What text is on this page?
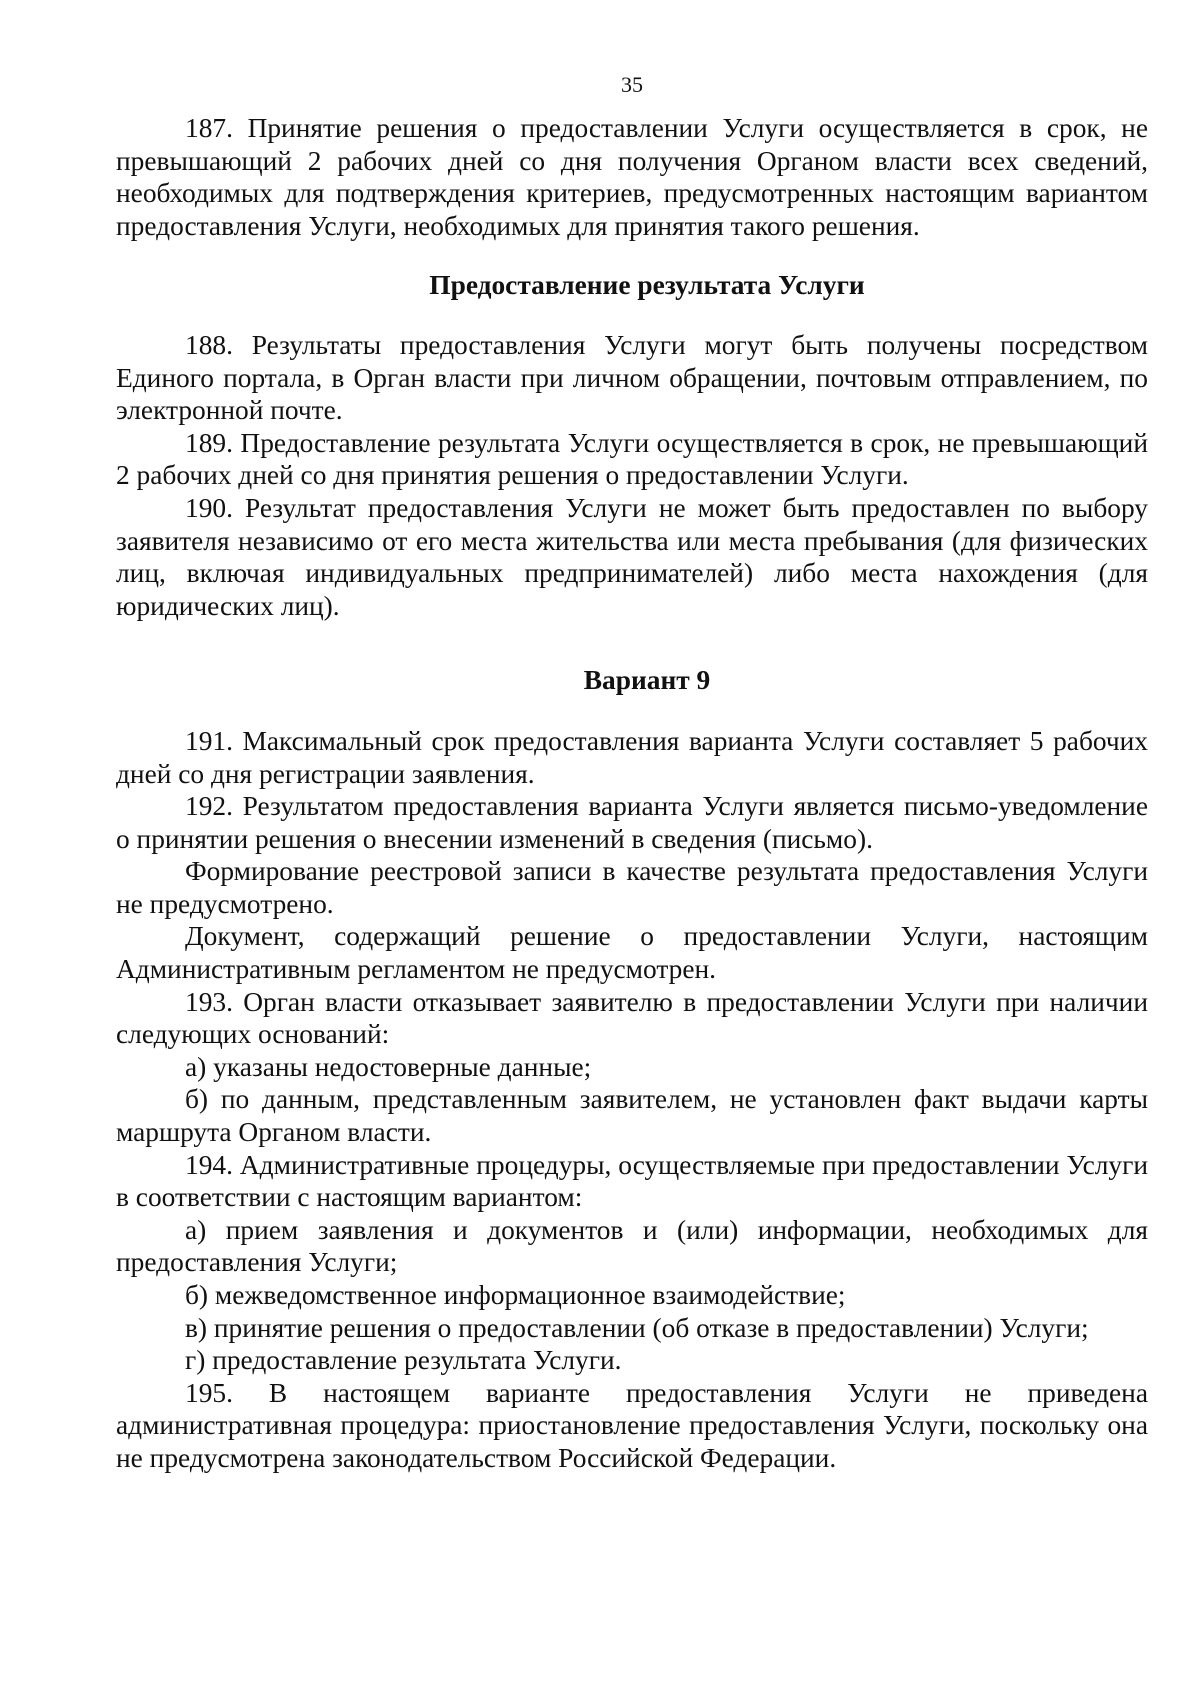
35

187. Принятие решения о предоставлении Услуги осуществляется в срок, не превышающий 2 рабочих дней со дня получения Органом власти всех сведений, необходимых для подтверждения критериев, предусмотренных настоящим вариантом предоставления Услуги, необходимых для принятия такого решения.

Предоставление результата Услуги

188. Результаты предоставления Услуги могут быть получены посредством Единого портала, в Орган власти при личном обращении, почтовым отправлением, по электронной почте.

189. Предоставление результата Услуги осуществляется в срок, не превышающий 2 рабочих дней со дня принятия решения о предоставлении Услуги.

190. Результат предоставления Услуги не может быть предоставлен по выбору заявителя независимо от его места жительства или места пребывания (для физических лиц, включая индивидуальных предпринимателей) либо места нахождения (для юридических лиц).

Вариант 9

191. Максимальный срок предоставления варианта Услуги составляет 5 рабочих дней со дня регистрации заявления.

192. Результатом предоставления варианта Услуги является письмо-уведомление о принятии решения о внесении изменений в сведения (письмо).

Формирование реестровой записи в качестве результата предоставления Услуги не предусмотрено.

Документ, содержащий решение о предоставлении Услуги, настоящим Административным регламентом не предусмотрен.

193. Орган власти отказывает заявителю в предоставлении Услуги при наличии следующих оснований:

а) указаны недостоверные данные;

б) по данным, представленным заявителем, не установлен факт выдачи карты маршрута Органом власти.

194. Административные процедуры, осуществляемые при предоставлении Услуги в соответствии с настоящим вариантом:

а) прием заявления и документов и (или) информации, необходимых для предоставления Услуги;

б) межведомственное информационное взаимодействие;

в) принятие решения о предоставлении (об отказе в предоставлении) Услуги;

г) предоставление результата Услуги.

195. В настоящем варианте предоставления Услуги не приведена административная процедура: приостановление предоставления Услуги, поскольку она не предусмотрена законодательством Российской Федерации.
